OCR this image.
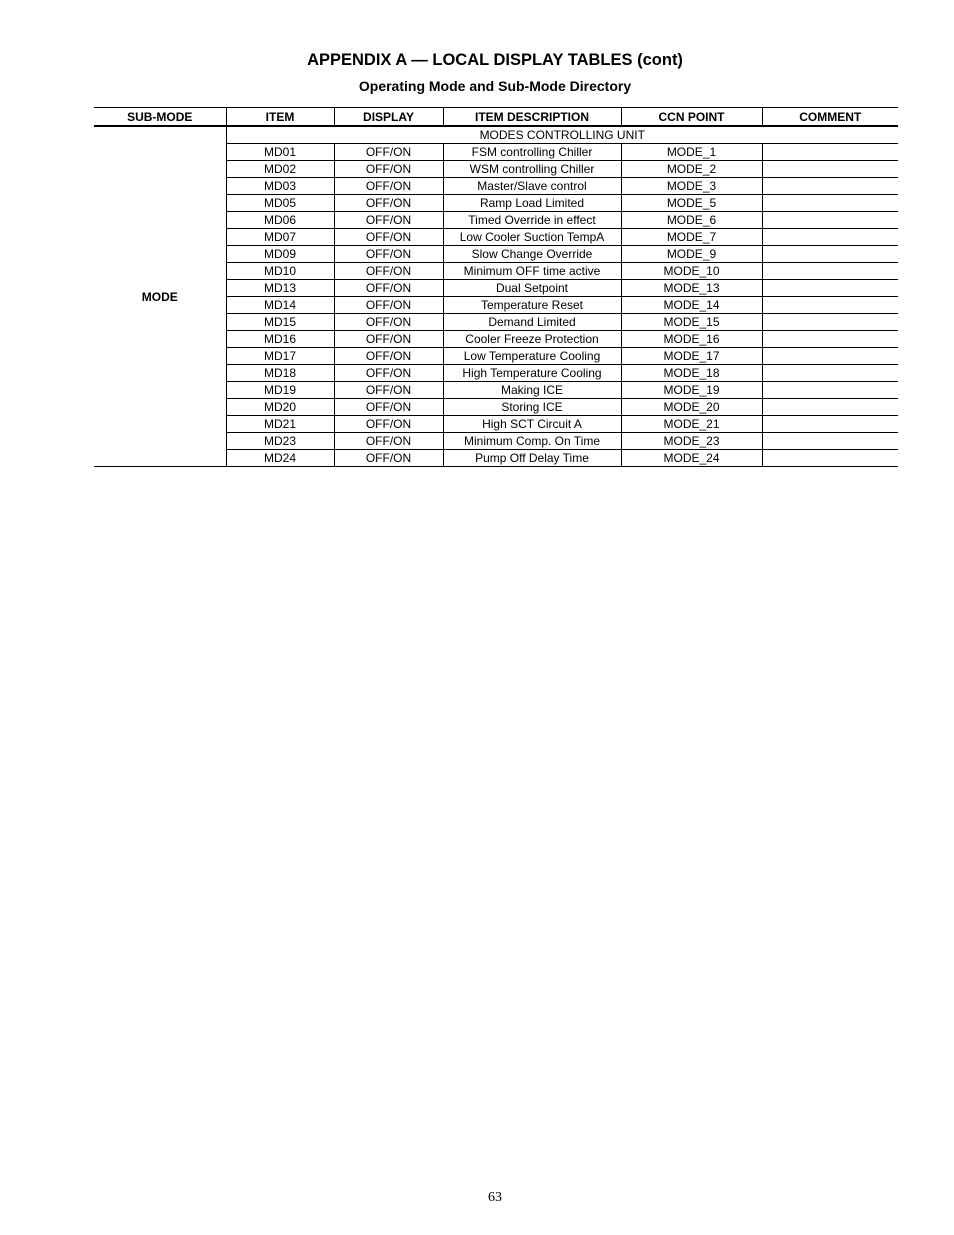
APPENDIX A — LOCAL DISPLAY TABLES (cont)
Operating Mode and Sub-Mode Directory
SUB-MODE	ITEM	DISPLAY	ITEM DESCRIPTION	CCN POINT	COMMENT
MODE	MODES CONTROLLING UNIT				
	MD01	OFF/ON	FSM controlling Chiller	MODE_1	
	MD02	OFF/ON	WSM controlling Chiller	MODE_2	
	MD03	OFF/ON	Master/Slave control	MODE_3	
	MD05	OFF/ON	Ramp Load Limited	MODE_5	
	MD06	OFF/ON	Timed Override in effect	MODE_6	
	MD07	OFF/ON	Low Cooler Suction TempA	MODE_7	
	MD09	OFF/ON	Slow Change Override	MODE_9	
	MD10	OFF/ON	Minimum OFF time active	MODE_10	
	MD13	OFF/ON	Dual Setpoint	MODE_13	
	MD14	OFF/ON	Temperature Reset	MODE_14	
	MD15	OFF/ON	Demand Limited	MODE_15	
	MD16	OFF/ON	Cooler Freeze Protection	MODE_16	
	MD17	OFF/ON	Low Temperature Cooling	MODE_17	
	MD18	OFF/ON	High Temperature Cooling	MODE_18	
	MD19	OFF/ON	Making ICE	MODE_19	
	MD20	OFF/ON	Storing ICE	MODE_20	
	MD21	OFF/ON	High SCT Circuit A	MODE_21	
	MD23	OFF/ON	Minimum Comp. On Time	MODE_23	
	MD24	OFF/ON	Pump Off Delay Time	MODE_24	
63
